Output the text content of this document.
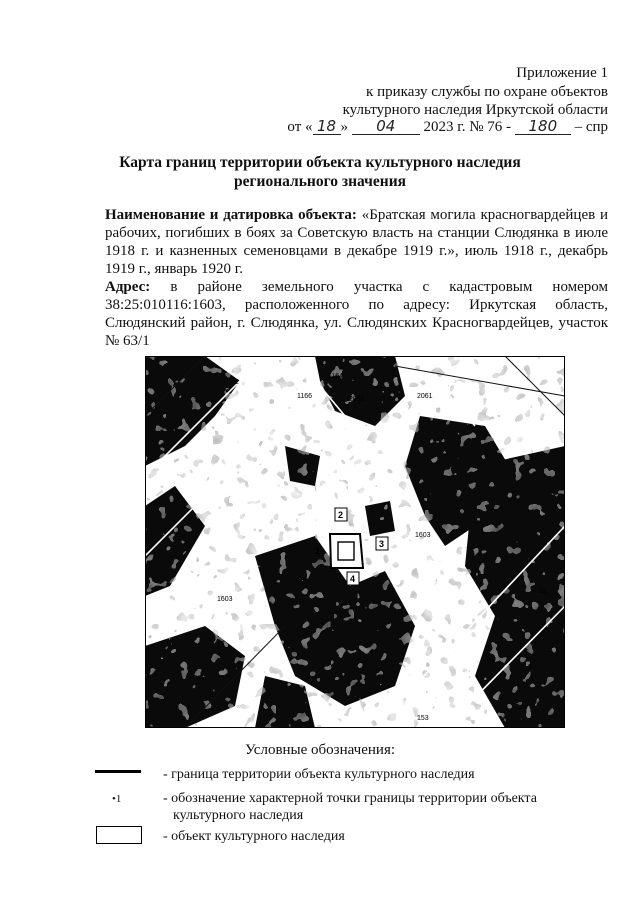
Приложение 1
к приказу службы по охране объектов
культурного наследия Иркутской области
от « 18 » 04 2023 г. № 76 - 180 – спр
Карта границ территории объекта культурного наследия
регионального значения
Наименование и датировка объекта: «Братская могила красногвардейцев и рабочих, погибших в боях за Советскую власть на станции Слюдянка в июле 1918 г. и казненных семеновцами в декабре 1919 г.», июль 1918 г., декабрь 1919 г., январь 1920 г.
Адрес: в районе земельного участка с кадастровым номером 38:25:010116:1603, расположенного по адресу: Иркутская область, Слюдянский район, г. Слюдянка, ул. Слюдянских Красногвардейцев, участок № 63/1
2
1164
1166	2061	2061
1603
1603
12
153
2
3
4
1
Условные обозначения:
- граница территории объекта культурного наследия
•1	- обозначение характерной точки границы территории объекта
культурного наследия
- объект культурного наследия
